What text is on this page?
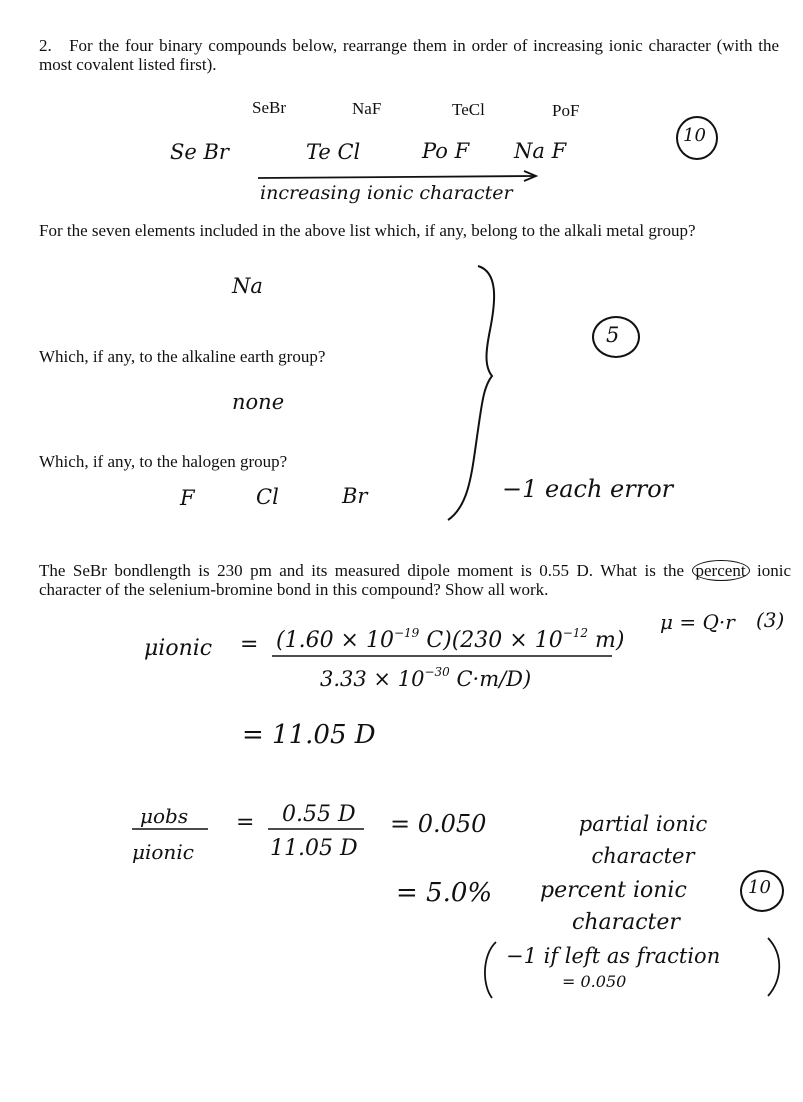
2. For the four binary compounds below, rearrange them in order of increasing ionic character (with the most covalent listed first).
SeBr	NaF	TeCl	PoF
Se Br	Te Cl	Po F Na F
10
increasing ionic character
For the seven elements included in the above list which, if any, belong to the alkali metal group?
Na
Which, if any, to the alkaline earth group?
none
Which, if any, to the halogen group?
F	Cl	Br
5
−1 each error
The SeBr bondlength is 230 pm and its measured dipole moment is 0.55 D. What is the percent ionic character of the selenium-bromine bond in this compound? Show all work.
μionic = ($1.60 \times 10^{-19}$ $C)(230 \times 10^{-12}$ m)
$3.33 \times 10^{-30}$ C·m/D)
μ = Q·r (3)
= 11.05 D
μobs
μionic
= 0.55 D
11.05 D
= 0.050	partial ionic character
= 5.0% percent ionic
character
10
−1 if left as fraction
= 0.050
